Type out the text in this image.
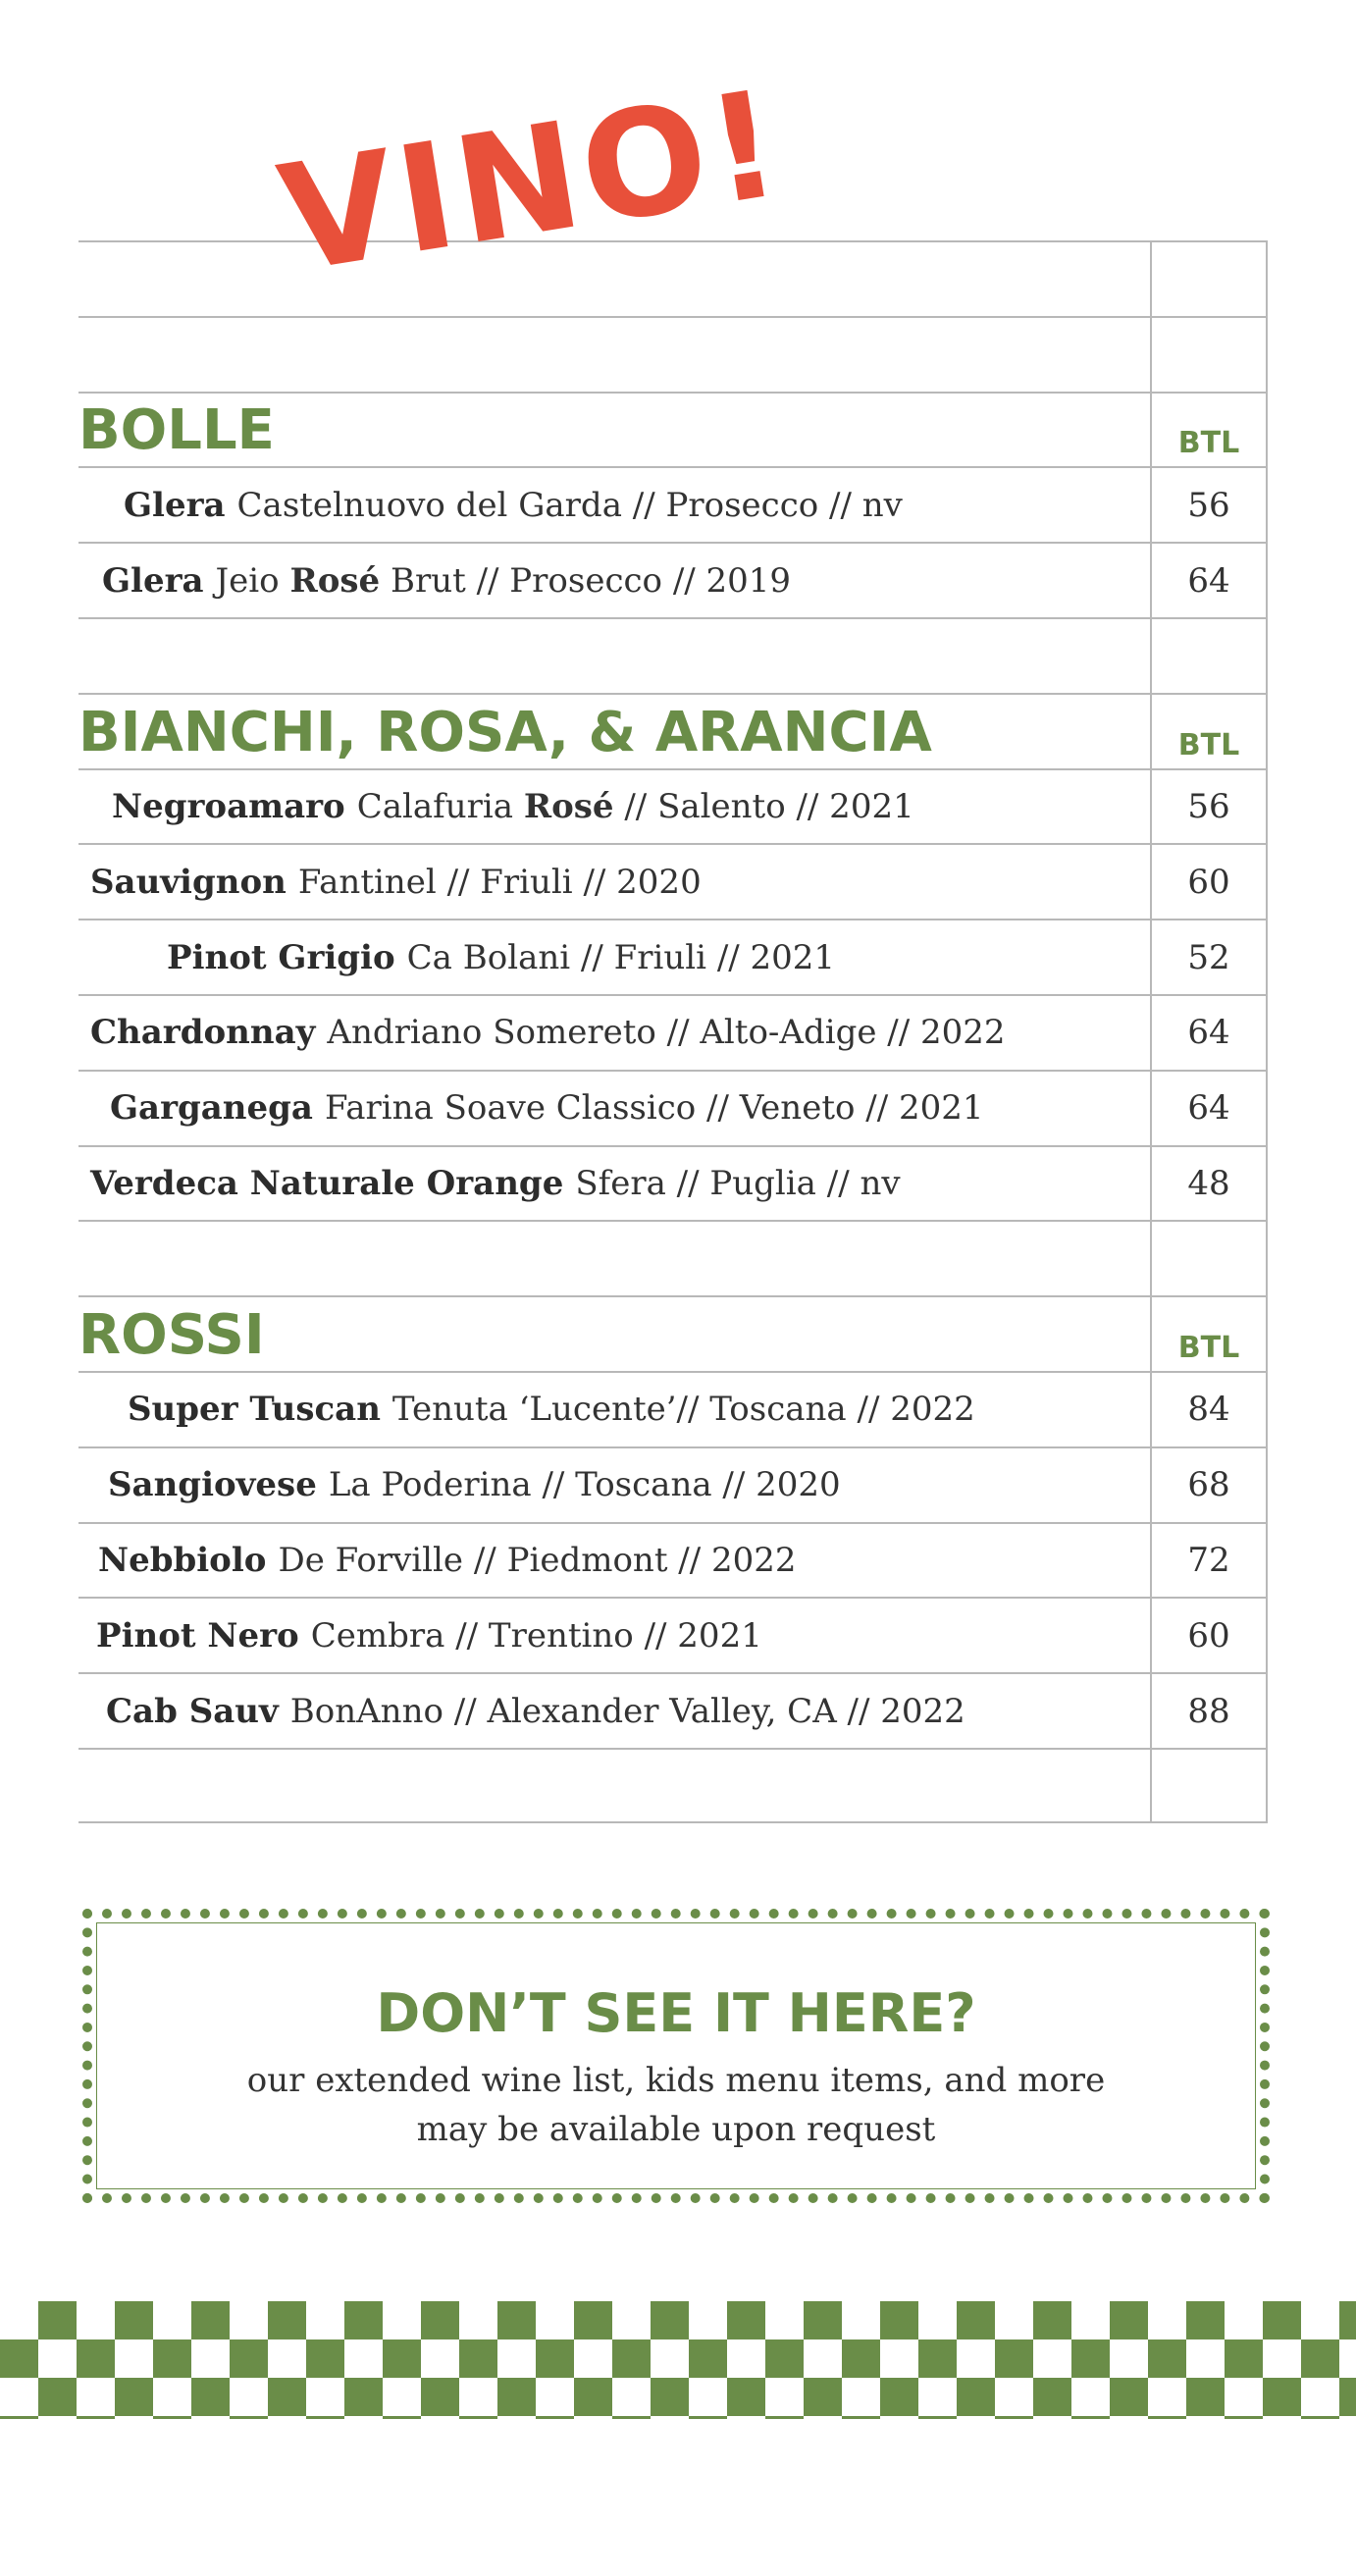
VINO!
BOLLE	BTL
Glera Castelnuovo del Garda // Prosecco // nv	56
Glera Jeio Rosé Brut // Prosecco // 2019	64
BIANCHI, ROSA, & ARANCIA	BTL
Negroamaro Calafuria Rosé // Salento // 2021	56
Sauvignon Fantinel // Friuli // 2020	60
Pinot Grigio Ca Bolani // Friuli // 2021	52
Chardonnay Andriano Somereto // Alto-Adige // 2022	64
Garganega Farina Soave Classico // Veneto // 2021	64
Verdeca Naturale Orange Sfera // Puglia // nv	48
ROSSI	BTL
Super Tuscan Tenuta ‘Lucente’// Toscana // 2022	84
Sangiovese La Poderina // Toscana // 2020	68
Nebbiolo De Forville // Piedmont // 2022	72
Pinot Nero Cembra // Trentino // 2021	60
Cab Sauv BonAnno // Alexander Valley, CA // 2022	88
DON’T SEE IT HERE?
our extended wine list, kids menu items, and more
may be available upon request
